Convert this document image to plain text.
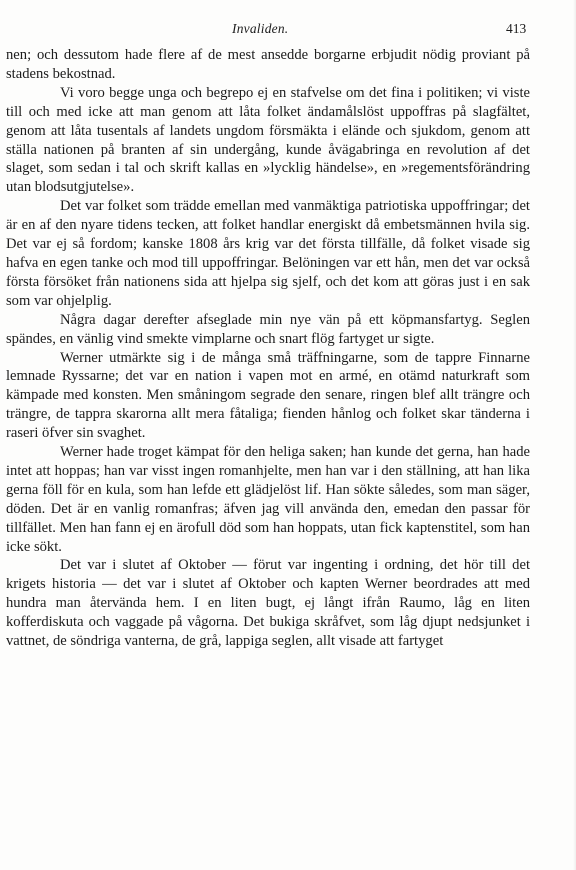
Invaliden.	413

nen; och dessutom hade flere af de mest ansedde borgarne erbjudit nödig proviant på stadens bekostnad.

Vi voro begge unga och begrepo ej en stafvelse om det fina i politiken; vi viste till och med icke att man genom att låta folket ändamålslöst uppoffras på slagfältet, genom att låta tusentals af landets ungdom försmäkta i elände och sjukdom, genom att ställa nationen på branten af sin undergång, kunde åvägabringa en revolution af det slaget, som sedan i tal och skrift kallas en »lycklig händelse», en »regementsförändring utan blodsutgjutelse».

Det var folket som trädde emellan med vanmäktiga patriotiska uppoffringar; det är en af den nyare tidens tecken, att folket handlar energiskt då embetsmännen hvila sig. Det var ej så fordom; kanske 1808 års krig var det första tillfälle, då folket visade sig hafva en egen tanke och mod till uppoffringar. Belöningen var ett hån, men det var också första försöket från nationens sida att hjelpa sig sjelf, och det kom att göras just i en sak som var ohjelplig.

Några dagar derefter afseglade min nye vän på ett köpmansfartyg. Seglen spändes, en vänlig vind smekte vimplarne och snart flög fartyget ur sigte.

Werner utmärkte sig i de många små träffningarne, som de tappre Finnarne lemnade Ryssarne; det var en nation i vapen mot en armé, en otämd naturkraft som kämpade med konsten. Men småningom segrade den senare, ringen blef allt trängre och trängre, de tappra skarorna allt mera fåtaliga; fienden hånlog och folket skar tänderna i raseri öfver sin svaghet.

Werner hade troget kämpat för den heliga saken; han kunde det gerna, han hade intet att hoppas; han var visst ingen romanhjelte, men han var i den ställning, att han lika gerna föll för en kula, som han lefde ett glädjelöst lif. Han sökte således, som man säger, döden. Det är en vanlig romanfras; äfven jag vill använda den, emedan den passar för tillfället. Men han fann ej en ärofull död som han hoppats, utan fick kaptenstitel, som han icke sökt.

Det var i slutet af Oktober — förut var ingenting i ordning, det hör till det krigets historia — det var i slutet af Oktober och kapten Werner beordrades att med hundra man återvända hem. I en liten bugt, ej långt ifrån Raumo, låg en liten kofferdiskuta och vaggade på vågorna. Det bukiga skråfvet, som låg djupt nedsjunket i vattnet, de söndriga vanterna, de grå, lappiga seglen, allt visade att fartyget
